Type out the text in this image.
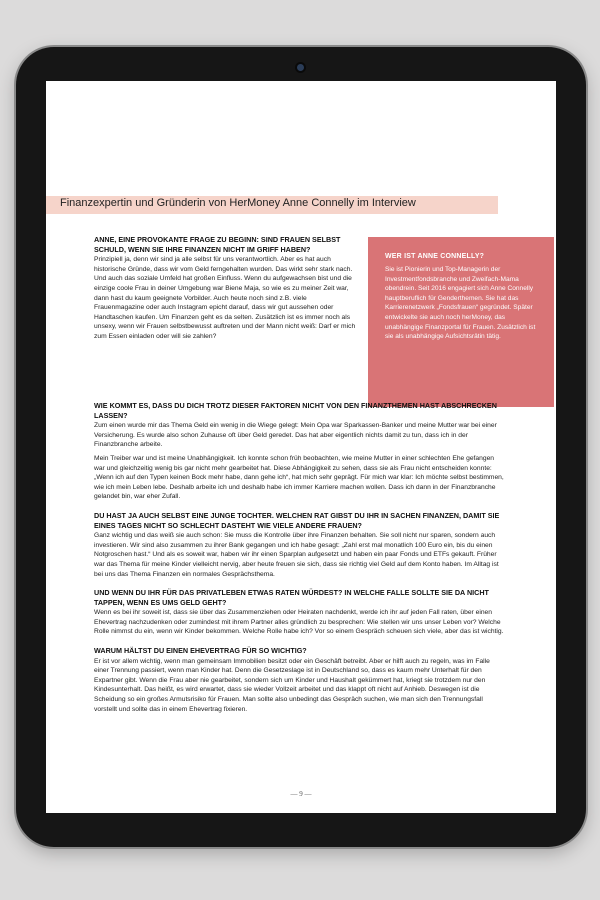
Finanzexpertin und Gründerin von HerMoney Anne Connelly im Interview
WER IST ANNE CONNELLY?

Sie ist Pionierin und Top-Managerin der Investmentfondsbranche und Zweifach-Mama obendrein. Seit 2016 engagiert sich Anne Connelly hauptberuflich für Genderthemen. Sie hat das Karrierenetzwerk „Fondsfrauen“ gegründet. Später entwickelte sie auch noch herMoney, das unabhängige Finanzportal für Frauen. Zusätzlich ist sie als unabhängige Aufsichtsrätin tätig.

ANNE, EINE PROVOKANTE FRAGE ZU BEGINN: SIND FRAUEN SELBST SCHULD, WENN SIE IHRE FINANZEN NICHT IM GRIFF HABEN?

Prinzipiell ja, denn wir sind ja alle selbst für uns verantwortlich. Aber es hat auch historische Gründe, dass wir vom Geld ferngehalten wurden. Das wirkt sehr stark nach. Und auch das soziale Umfeld hat großen Einfluss. Wenn du aufgewachsen bist und die einzige coole Frau in deiner Umgebung war Biene Maja, so wie es zu meiner Zeit war, dann hast du kaum geeignete Vorbilder. Auch heute noch sind z.B. viele Frauenmagazine oder auch Instagram epicht darauf, dass wir gut aussehen oder Handtaschen kaufen. Um Finanzen geht es da selten. Zusätzlich ist es immer noch als unsexy, wenn wir Frauen selbstbewusst auftreten und der Mann nicht weiß: Darf er mich zum Essen einladen oder will sie zahlen?

WIE KOMMT ES, DASS DU DICH TROTZ DIESER FAKTOREN NICHT VON DEN FINANZTHEMEN HAST ABSCHRECKEN LASSEN?

Zum einen wurde mir das Thema Geld ein wenig in die Wiege gelegt: Mein Opa war Sparkassen-Banker und meine Mutter war bei einer Versicherung. Es wurde also schon Zuhause oft über Geld geredet. Das hat aber eigentlich nichts damit zu tun, dass ich in der Finanzbranche arbeite.

Mein Treiber war und ist meine Unabhängigkeit. Ich konnte schon früh beobachten, wie meine Mutter in einer schlechten Ehe gefangen war und gleichzeitig wenig bis gar nicht mehr gearbeitet hat. Diese Abhängigkeit zu sehen, dass sie als Frau nicht entscheiden konnte: „Wenn ich auf den Typen keinen Bock mehr habe, dann gehe ich“, hat mich sehr geprägt. Für mich war klar: Ich möchte selbst bestimmen, wie ich mein Leben lebe. Deshalb arbeite ich und deshalb habe ich immer Karriere machen wollen. Dass ich dann in der Finanzbranche gelandet bin, war eher Zufall.

DU HAST JA AUCH SELBST EINE JUNGE TOCHTER. WELCHEN RAT GIBST DU IHR IN SACHEN FINANZEN, DAMIT SIE EINES TAGES NICHT SO SCHLECHT DASTEHT WIE VIELE ANDERE FRAUEN?

Ganz wichtig und das weiß sie auch schon: Sie muss die Kontrolle über ihre Finanzen behalten. Sie soll nicht nur sparen, sondern auch investieren. Wir sind also zusammen zu ihrer Bank gegangen und ich habe gesagt: „Zahl erst mal monatlich 100 Euro ein, bis du einen Notgroschen hast.“ Und als es soweit war, haben wir ihr einen Sparplan aufgesetzt und haben ein paar Fonds und ETFs gekauft. Früher war das Thema für meine Kinder vielleicht nervig, aber heute freuen sie sich, dass sie richtig viel Geld auf dem Konto haben. Im Alltag ist bei uns das Thema Finanzen ein normales Gesprächsthema.

UND WENN DU IHR FÜR DAS PRIVATLEBEN ETWAS RATEN WÜRDEST? IN WELCHE FALLE SOLLTE SIE DA NICHT TAPPEN, WENN ES UMS GELD GEHT?

Wenn es bei ihr soweit ist, dass sie über das Zusammenziehen oder Heiraten nachdenkt, werde ich ihr auf jeden Fall raten, über einen Ehevertrag nachzudenken oder zumindest mit ihrem Partner alles gründlich zu besprechen: Wie stellen wir uns unser Leben vor? Welche Rolle nimmst du ein, wenn wir Kinder bekommen. Welche Rolle habe ich? Vor so einem Gespräch scheuen sich viele, aber das ist wichtig.

WARUM HÄLTST DU EINEN EHEVERTRAG FÜR SO WICHTIG?

Er ist vor allem wichtig, wenn man gemeinsam Immobilien besitzt oder ein Geschäft betreibt. Aber er hilft auch zu regeln, was im Falle einer Trennung passiert, wenn man Kinder hat. Denn die Gesetzeslage ist in Deutschland so, dass es kaum mehr Unterhalt für den Expartner gibt. Wenn die Frau aber nie gearbeitet, sondern sich um Kinder und Haushalt gekümmert hat, kriegt sie trotzdem nur den Kindesunterhalt. Das heißt, es wird erwartet, dass sie wieder Vollzeit arbeitet und das klappt oft nicht auf Anhieb. Deswegen ist die Scheidung so ein großes Armutsrisiko für Frauen. Man sollte also unbedingt das Gespräch suchen, wie man sich den Trennungsfall vorstellt und sollte das in einem Ehevertrag fixieren.

— 9 —
